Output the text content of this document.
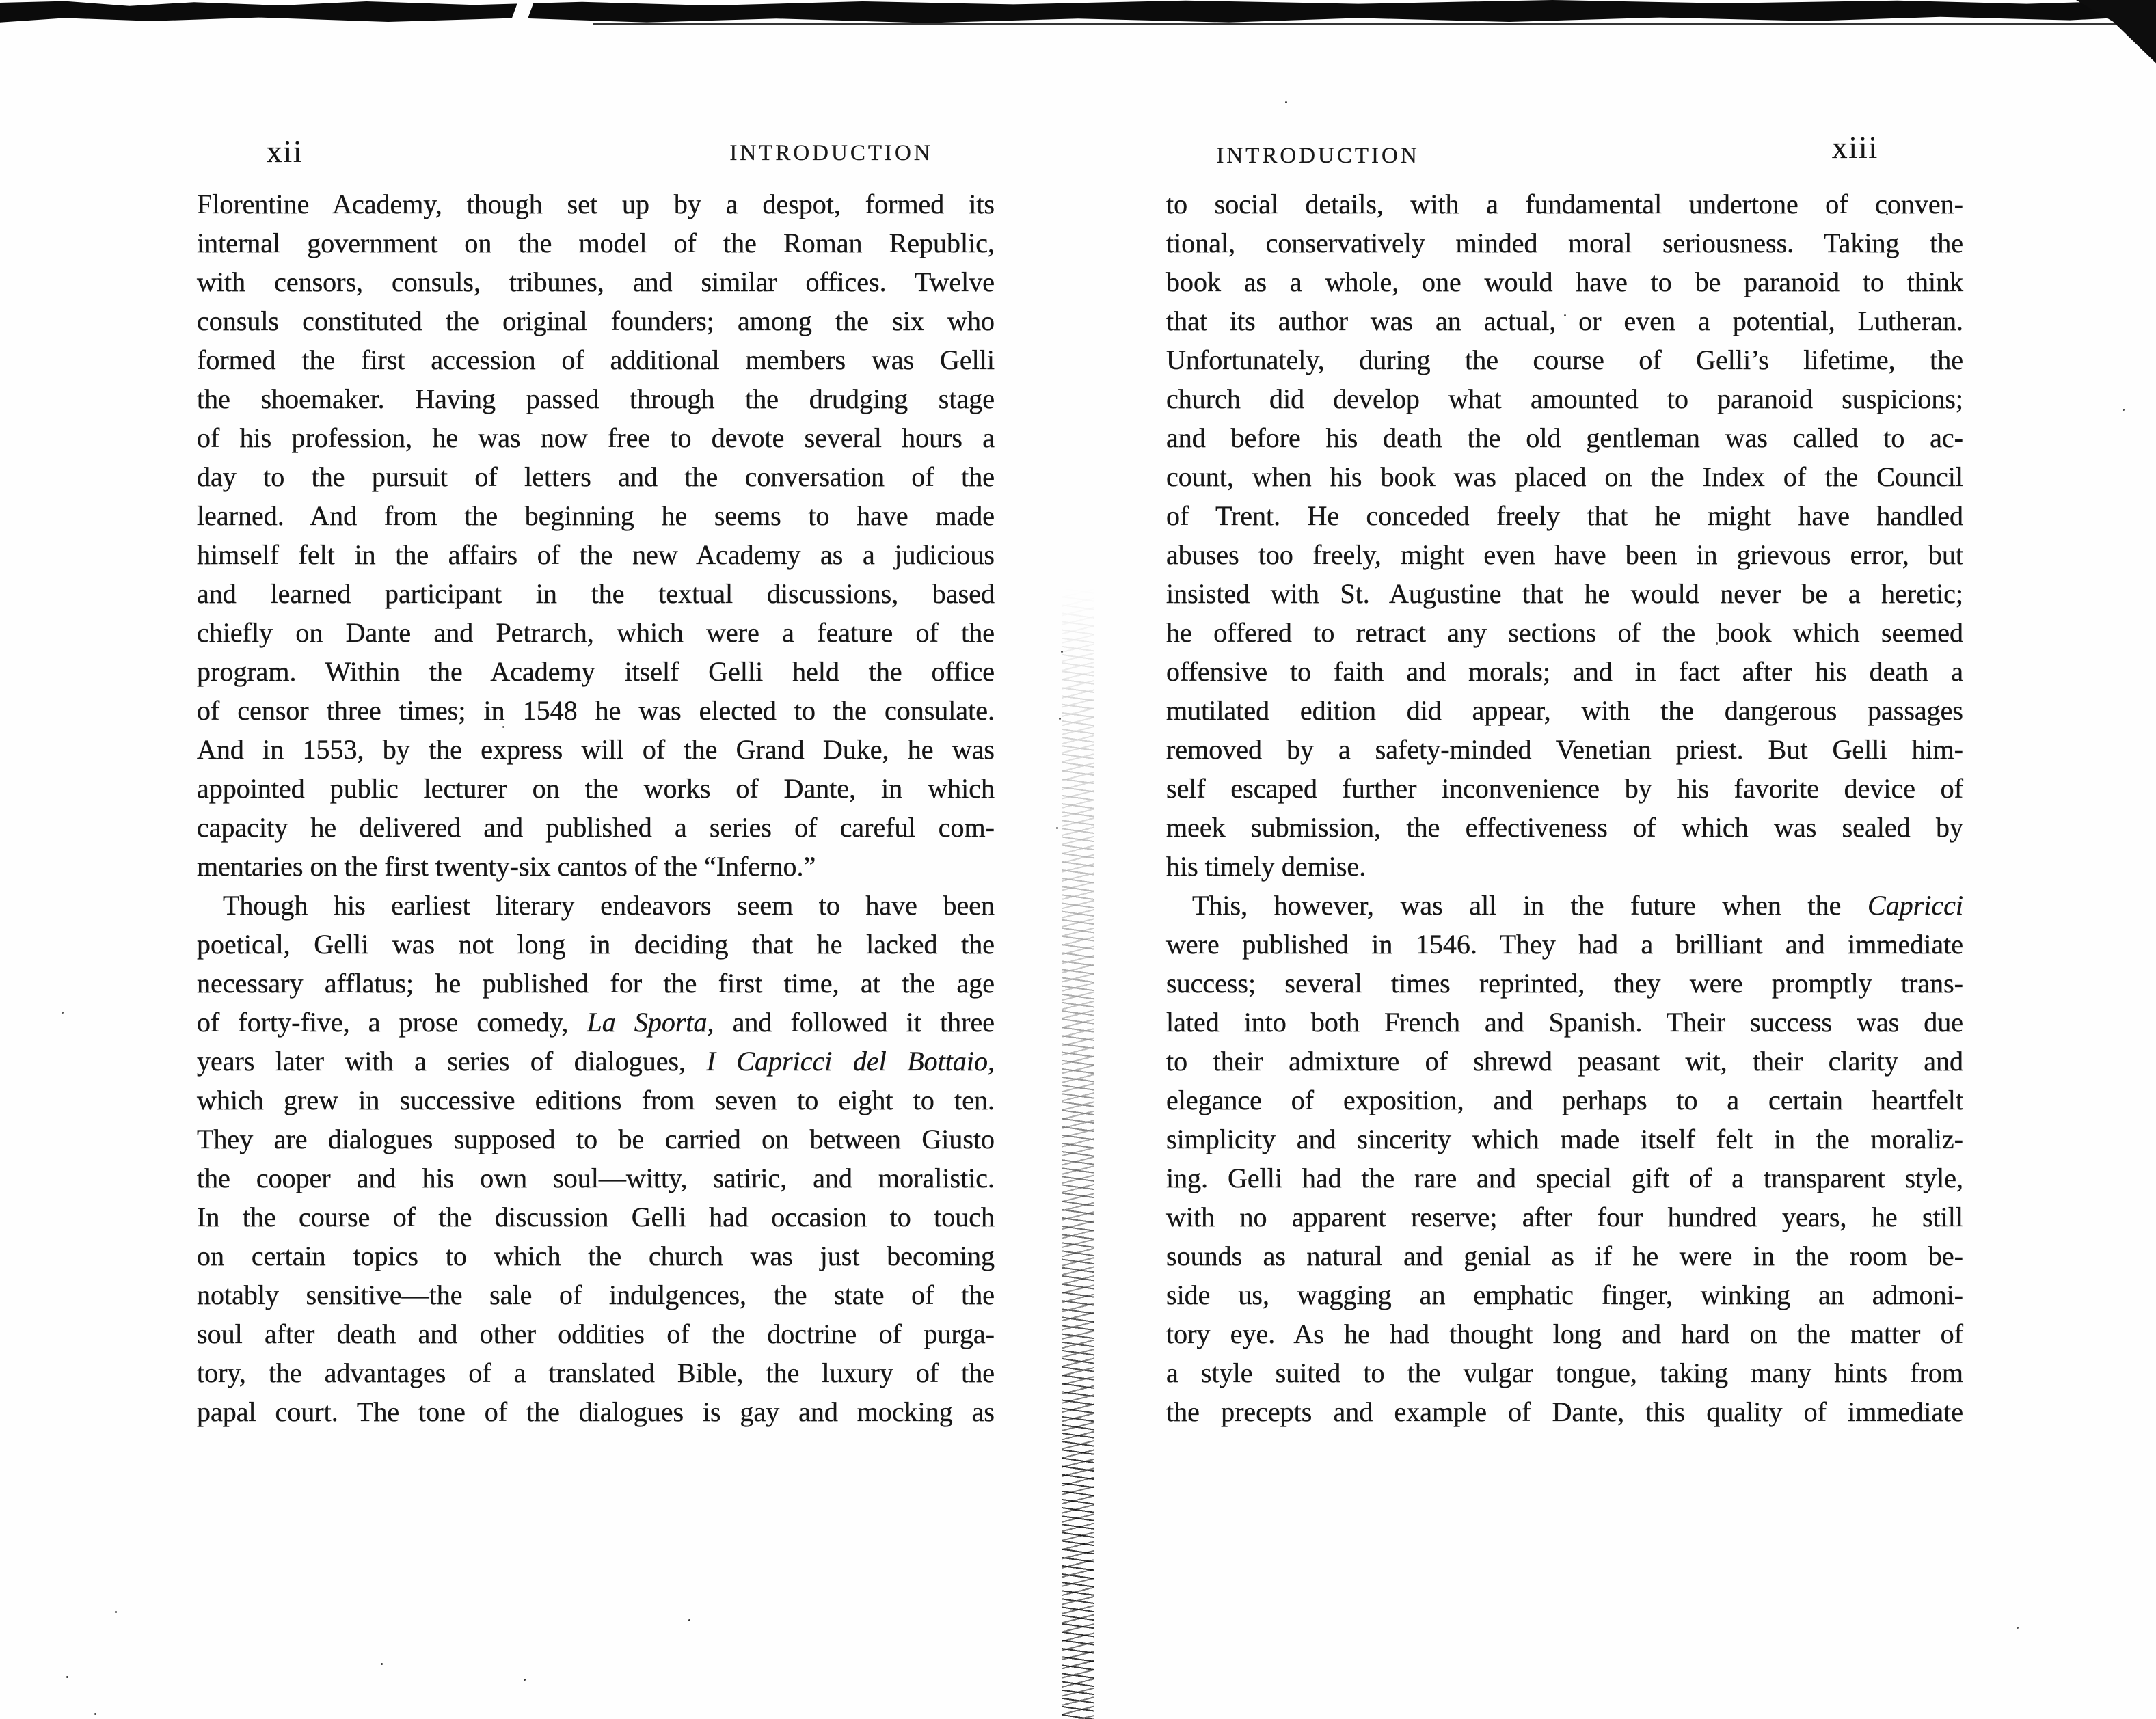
xii	INTRODUCTION
Florentine Academy, though set up by a despot, formed its
internal government on the model of the Roman Republic,
with censors, consuls, tribunes, and similar offices. Twelve
consuls constituted the original founders; among the six who
formed the first accession of additional members was Gelli
the shoemaker. Having passed through the drudging stage
of his profession, he was now free to devote several hours a
day to the pursuit of letters and the conversation of the
learned. And from the beginning he seems to have made
himself felt in the affairs of the new Academy as a judicious
and learned participant in the textual discussions, based
chiefly on Dante and Petrarch, which were a feature of the
program. Within the Academy itself Gelli held the office
of censor three times; in 1548 he was elected to the consulate.
And in 1553, by the express will of the Grand Duke, he was
appointed public lecturer on the works of Dante, in which
capacity he delivered and published a series of careful com-
mentaries on the first twenty-six cantos of the “Inferno.”
Though his earliest literary endeavors seem to have been
poetical, Gelli was not long in deciding that he lacked the
necessary afflatus; he published for the first time, at the age
of forty-five, a prose comedy, La Sporta, and followed it three
years later with a series of dialogues, I Capricci del Bottaio,
which grew in successive editions from seven to eight to ten.
They are dialogues supposed to be carried on between Giusto
the cooper and his own soul—witty, satiric, and moralistic.
In the course of the discussion Gelli had occasion to touch
on certain topics to which the church was just becoming
notably sensitive—the sale of indulgences, the state of the
soul after death and other oddities of the doctrine of purga-
tory, the advantages of a translated Bible, the luxury of the
papal court. The tone of the dialogues is gay and mocking as
INTRODUCTION	xiii
to social details, with a fundamental undertone of conven-
tional, conservatively minded moral seriousness. Taking the
book as a whole, one would have to be paranoid to think
that its author was an actual, or even a potential, Lutheran.
Unfortunately, during the course of Gelli’s lifetime, the
church did develop what amounted to paranoid suspicions;
and before his death the old gentleman was called to ac-
count, when his book was placed on the Index of the Council
of Trent. He conceded freely that he might have handled
abuses too freely, might even have been in grievous error, but
insisted with St. Augustine that he would never be a heretic;
he offered to retract any sections of the book which seemed
offensive to faith and morals; and in fact after his death a
mutilated edition did appear, with the dangerous passages
removed by a safety-minded Venetian priest. But Gelli him-
self escaped further inconvenience by his favorite device of
meek submission, the effectiveness of which was sealed by
his timely demise.
This, however, was all in the future when the Capricci
were published in 1546. They had a brilliant and immediate
success; several times reprinted, they were promptly trans-
lated into both French and Spanish. Their success was due
to their admixture of shrewd peasant wit, their clarity and
elegance of exposition, and perhaps to a certain heartfelt
simplicity and sincerity which made itself felt in the moraliz-
ing. Gelli had the rare and special gift of a transparent style,
with no apparent reserve; after four hundred years, he still
sounds as natural and genial as if he were in the room be-
side us, wagging an emphatic finger, winking an admoni-
tory eye. As he had thought long and hard on the matter of
a style suited to the vulgar tongue, taking many hints from
the precepts and example of Dante, this quality of immediate
